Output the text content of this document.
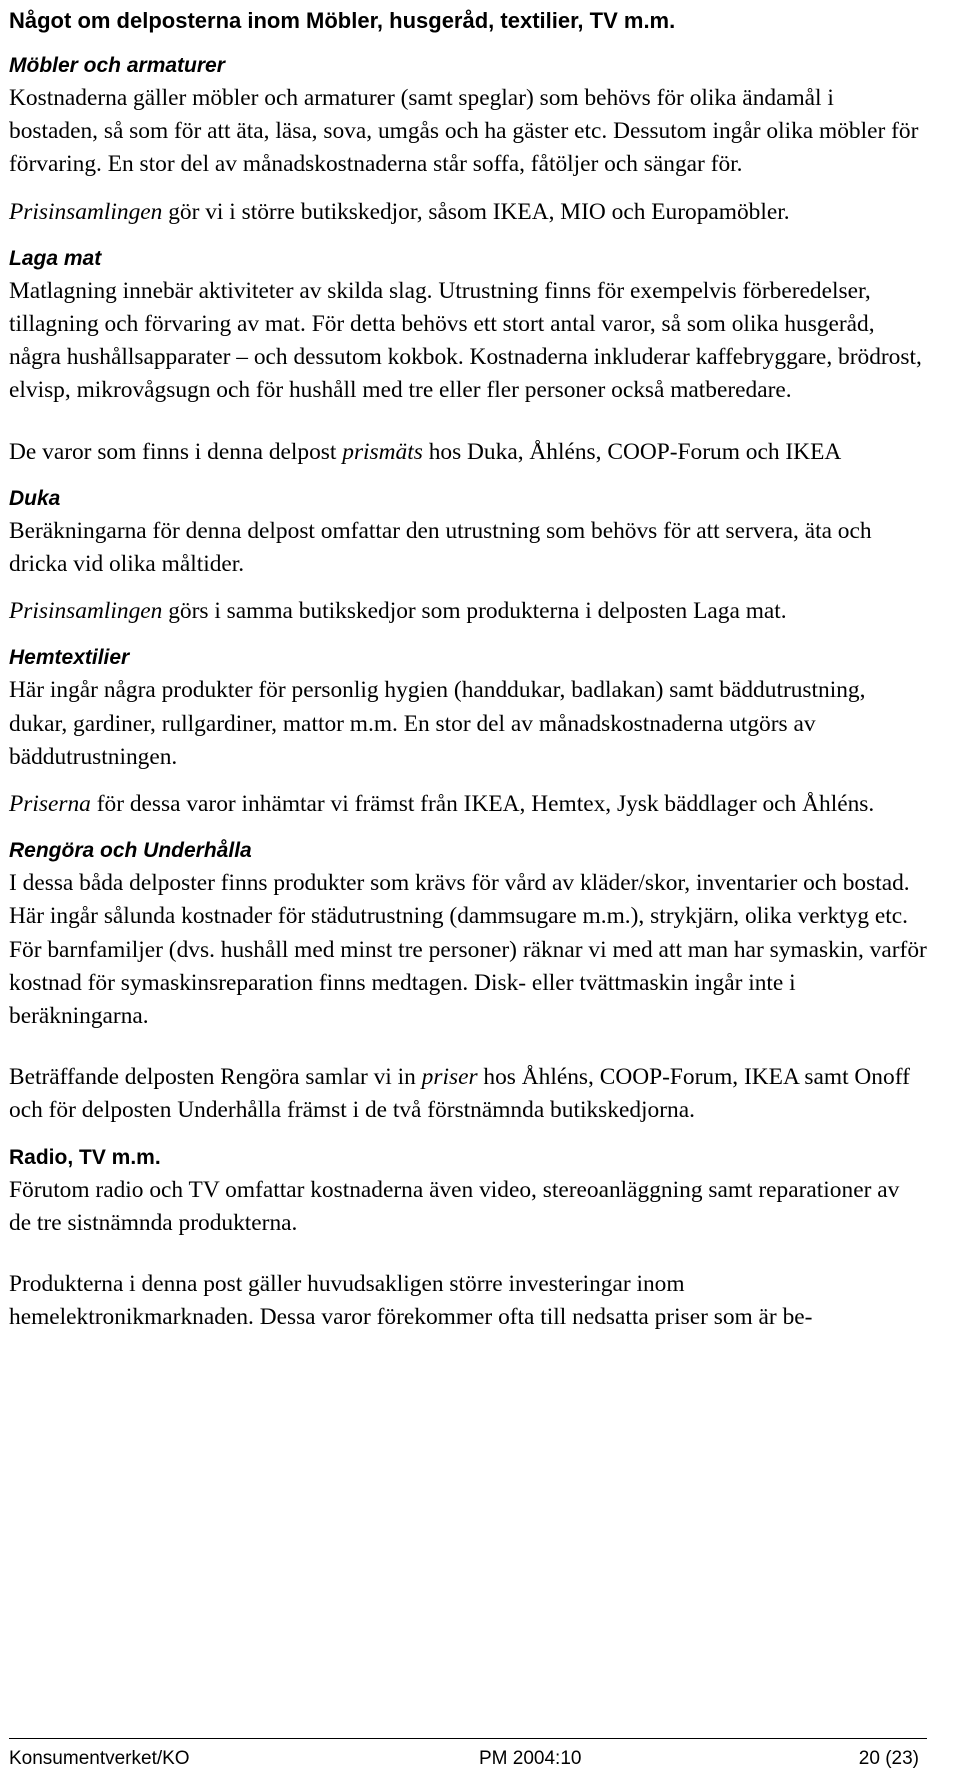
Något om delposterna inom Möbler, husgeråd, textilier, TV m.m.
Möbler och armaturer

Kostnaderna gäller möbler och armaturer (samt speglar) som behövs för olika ändamål i bostaden, så som för att äta, läsa, sova, umgås och ha gäster etc. Dessutom ingår olika möbler för förvaring. En stor del av månadskostnaderna står soffa, fåtöljer och sängar för.

Prisinsamlingen gör vi i större butikskedjor, såsom IKEA, MIO och Europamöbler.

Laga mat

Matlagning innebär aktiviteter av skilda slag. Utrustning finns för exempelvis förberedelser, tillagning och förvaring av mat. För detta behövs ett stort antal varor, så som olika husgeråd, några hushållsapparater – och dessutom kokbok. Kostnaderna inkluderar kaffebryggare, brödrost, elvisp, mikrovågsugn och för hushåll med tre eller fler personer också matberedare.

De varor som finns i denna delpost prismäts hos Duka, Åhléns, COOP-Forum och IKEA

Duka

Beräkningarna för denna delpost omfattar den utrustning som behövs för att servera, äta och dricka vid olika måltider.

Prisinsamlingen görs i samma butikskedjor som produkterna i delposten Laga mat.

Hemtextilier

Här ingår några produkter för personlig hygien (handdukar, badlakan) samt bäddutrustning, dukar, gardiner, rullgardiner, mattor m.m. En stor del av månadskostnaderna utgörs av bäddutrustningen.

Priserna för dessa varor inhämtar vi främst från IKEA, Hemtex, Jysk bäddlager och Åhléns.

Rengöra och Underhålla

I dessa båda delposter finns produkter som krävs för vård av kläder/skor, inventarier och bostad. Här ingår sålunda kostnader för städutrustning (dammsugare m.m.), strykjärn, olika verktyg etc. För barnfamiljer (dvs. hushåll med minst tre personer) räknar vi med att man har symaskin, varför kostnad för symaskinsreparation finns medtagen. Disk- eller tvättmaskin ingår inte i beräkningarna.

Beträffande delposten Rengöra samlar vi in priser hos Åhléns, COOP-Forum, IKEA samt Onoff och för delposten Underhålla främst i de två förstnämnda butikskedjorna.

Radio, TV m.m.

Förutom radio och TV omfattar kostnaderna även video, stereoanläggning samt reparationer av de tre sistnämnda produkterna.

Produkterna i denna post gäller huvudsakligen större investeringar inom hemelektronikmarknaden. Dessa varor förekommer ofta till nedsatta priser som är be-

Konsumentverket/KO	PM 2004:10	20 (23)
